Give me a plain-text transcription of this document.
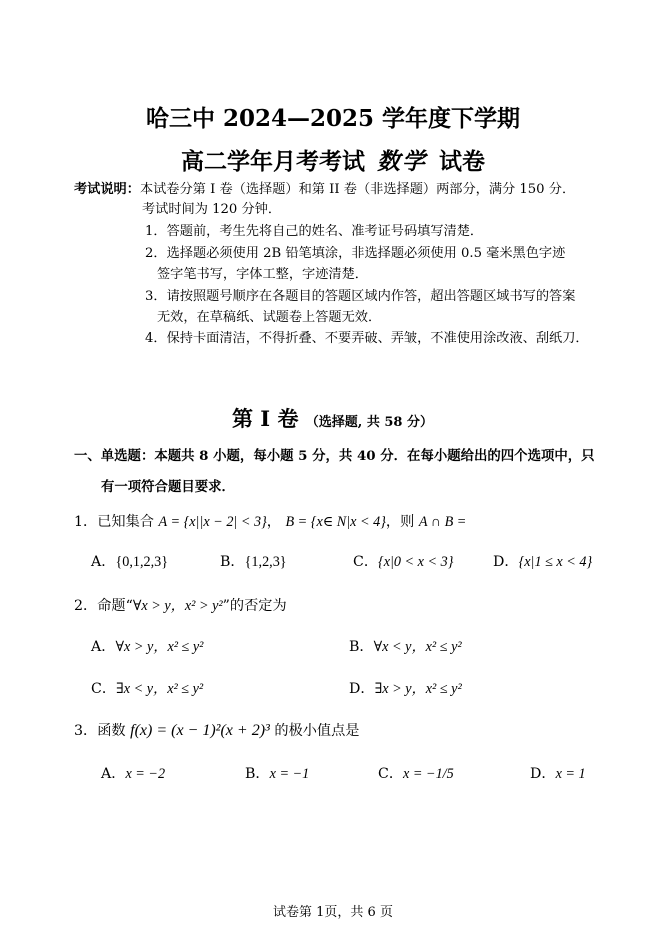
哈三中 2024—2025 学年度下学期
高二学年月考考试 数学 试卷
考试说明：本试卷分第 I 卷（选择题）和第 II 卷（非选择题）两部分，满分 150 分．
考试时间为 120 分钟．
1．答题前，考生先将自己的姓名、准考证号码填写清楚．
2．选择题必须使用 2B 铅笔填涂，非选择题必须使用 0.5 毫米黑色字迹
签字笔书写，字体工整，字迹清楚．
3．请按照题号顺序在各题目的答题区域内作答，超出答题区域书写的答案
无效，在草稿纸、试题卷上答题无效．
4．保持卡面清洁，不得折叠、不要弄破、弄皱，不准使用涂改液、刮纸刀．
第 I 卷 （选择题, 共 58 分）
一、单选题：本题共 8 小题，每小题 5 分，共 40 分．在每小题给出的四个选项中，只
有一项符合题目要求．
1．已知集合 A = {x||x − 2| < 3}， B = {x∈ N|x < 4}，则 A ∩ B =
A．{0,1,2,3}	B．{1,2,3}	C．{x|0 < x < 3}	D．{x|1 ≤ x < 4}
2．命题“∀x > y，x² > y²”的否定为
A．∀x > y，x² ≤ y²	B．∀x < y，x² ≤ y²
C．∃x < y，x² ≤ y²	D．∃x > y，x² ≤ y²
3．函数 f(x) = (x − 1)²(x + 2)³ 的极小值点是
A．x = −2	B．x = −1	C．x = −1/5	D．x = 1
试卷第 1页，共 6 页
